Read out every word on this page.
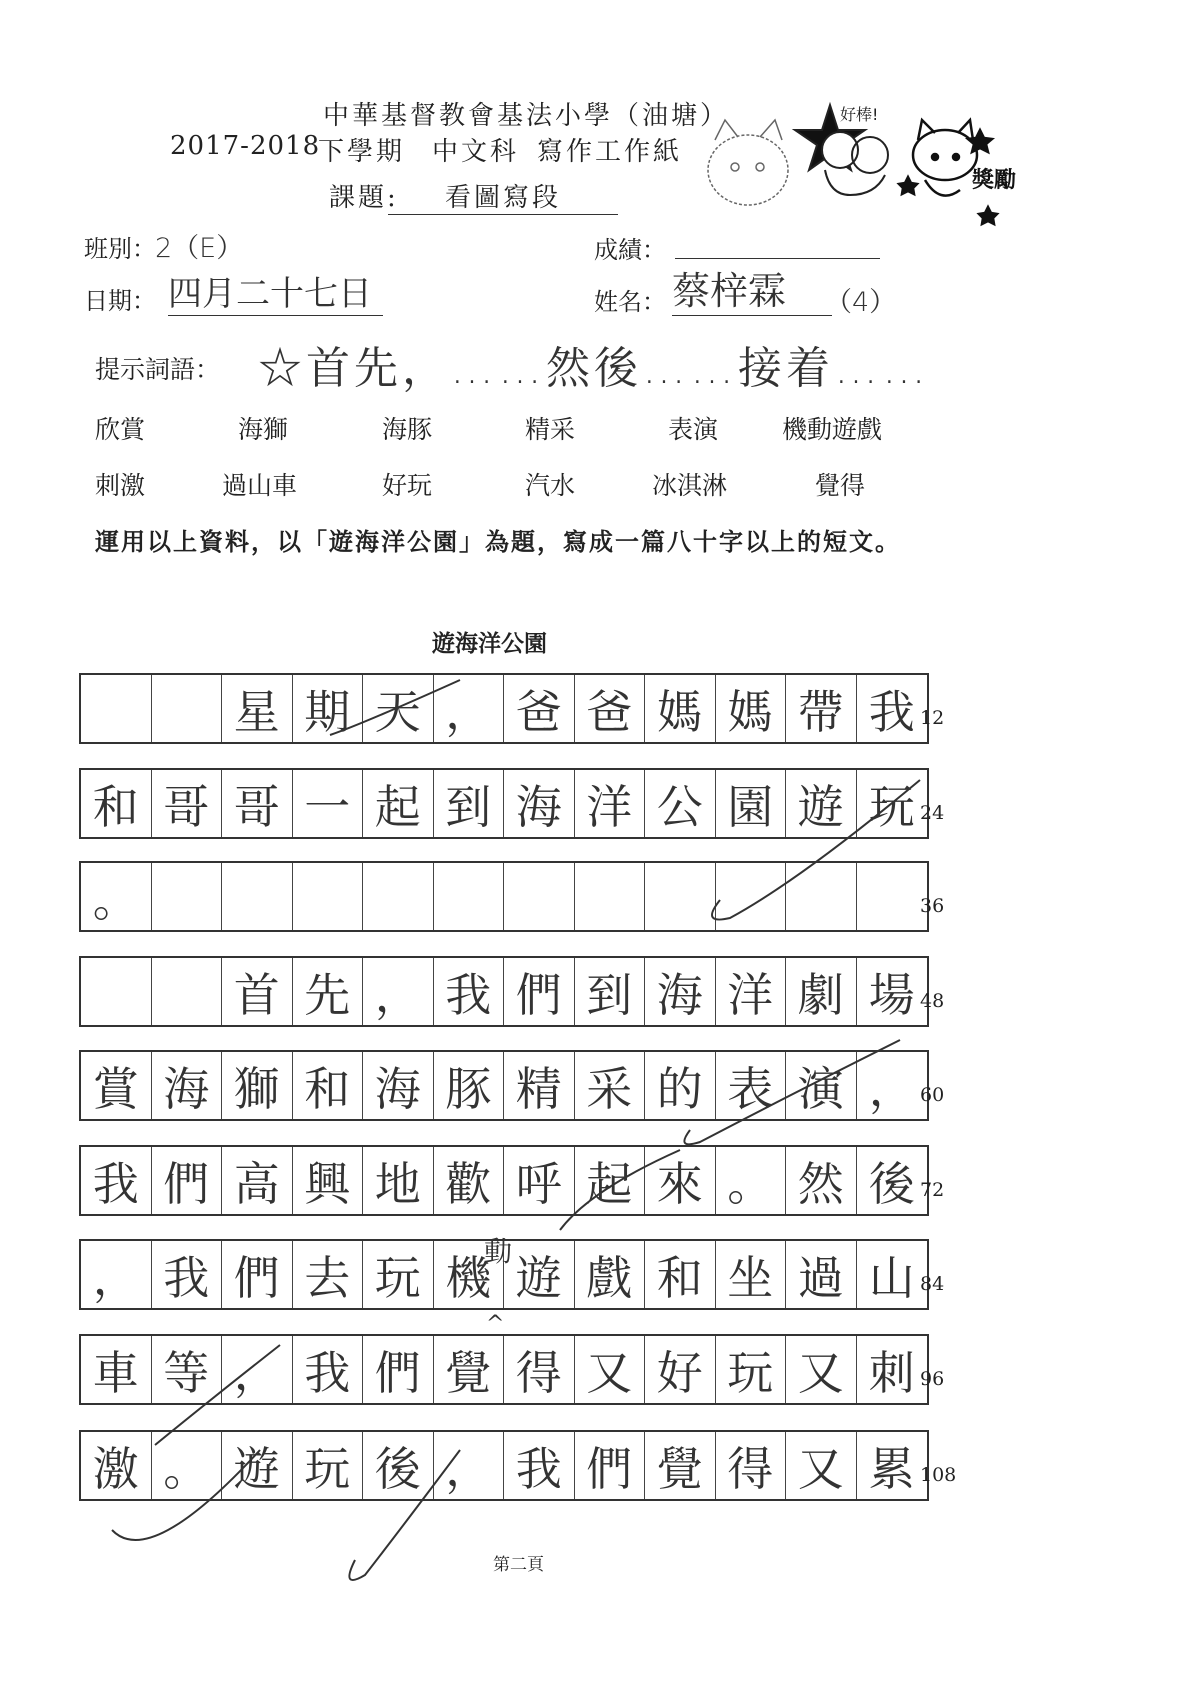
中華基督教會基法小學（油塘）
2017-2018
下學期 中文科 寫作工作紙
課題:	看圖寫段
好棒!
獎勵
班別： 2（E）	成績：
日期： 四月二十七日	姓名： 蔡梓霖	（4）
提示詞語： ☆首先，……然後……接着……
欣賞	海獅	海豚	精采	表演	機動遊戲
刺激	過山車	好玩	汽水	冰淇淋	覺得
運用以上資料，以「遊海洋公園」為題，寫成一篇八十字以上的短文。
遊海洋公園
星 期 天 ， 爸 爸 媽 媽 帶 我 12
和 哥 哥 一 起 到 海 洋 公 園 遊 玩 24
。	36
首 先 ， 我 們 到 海 洋 劇 場 48
賞 海 獅 和 海 豚 精 采 的 表 演 ， 60
我 們 高 興 地 歡 呼 起 來 。 然 後 72
， 我 們 去 玩 機 遊 戲 和 坐 過 山 84
車 等 ， 我 們 覺 得 又 好 玩 又 刺 96
激 。 遊 玩 後 ， 我 們 覺 得 又 累 108
動
^
第二頁
